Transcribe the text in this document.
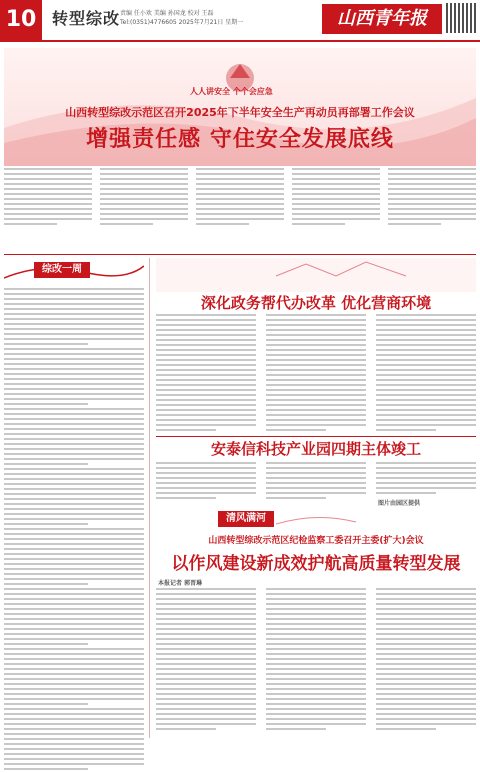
10 转型综改 责编 任小欢 美编 孙国龙 校对 王磊
Tel:(0351)4776605 2025年7月21日 星期一	山西青年报
人人讲安全 个个会应急
山西转型综改示范区召开2025年下半年安全生产再动员再部署工作会议
增强责任感 守住安全发展底线
综改一周
深化政务帮代办改革 优化营商环境
安泰信科技产业园四期主体竣工
图片由园区提供
清风满河
山西转型综改示范区纪检监察工委召开主委(扩大)会议
以作风建设新成效护航高质量转型发展
本报记者 郭晋琳
